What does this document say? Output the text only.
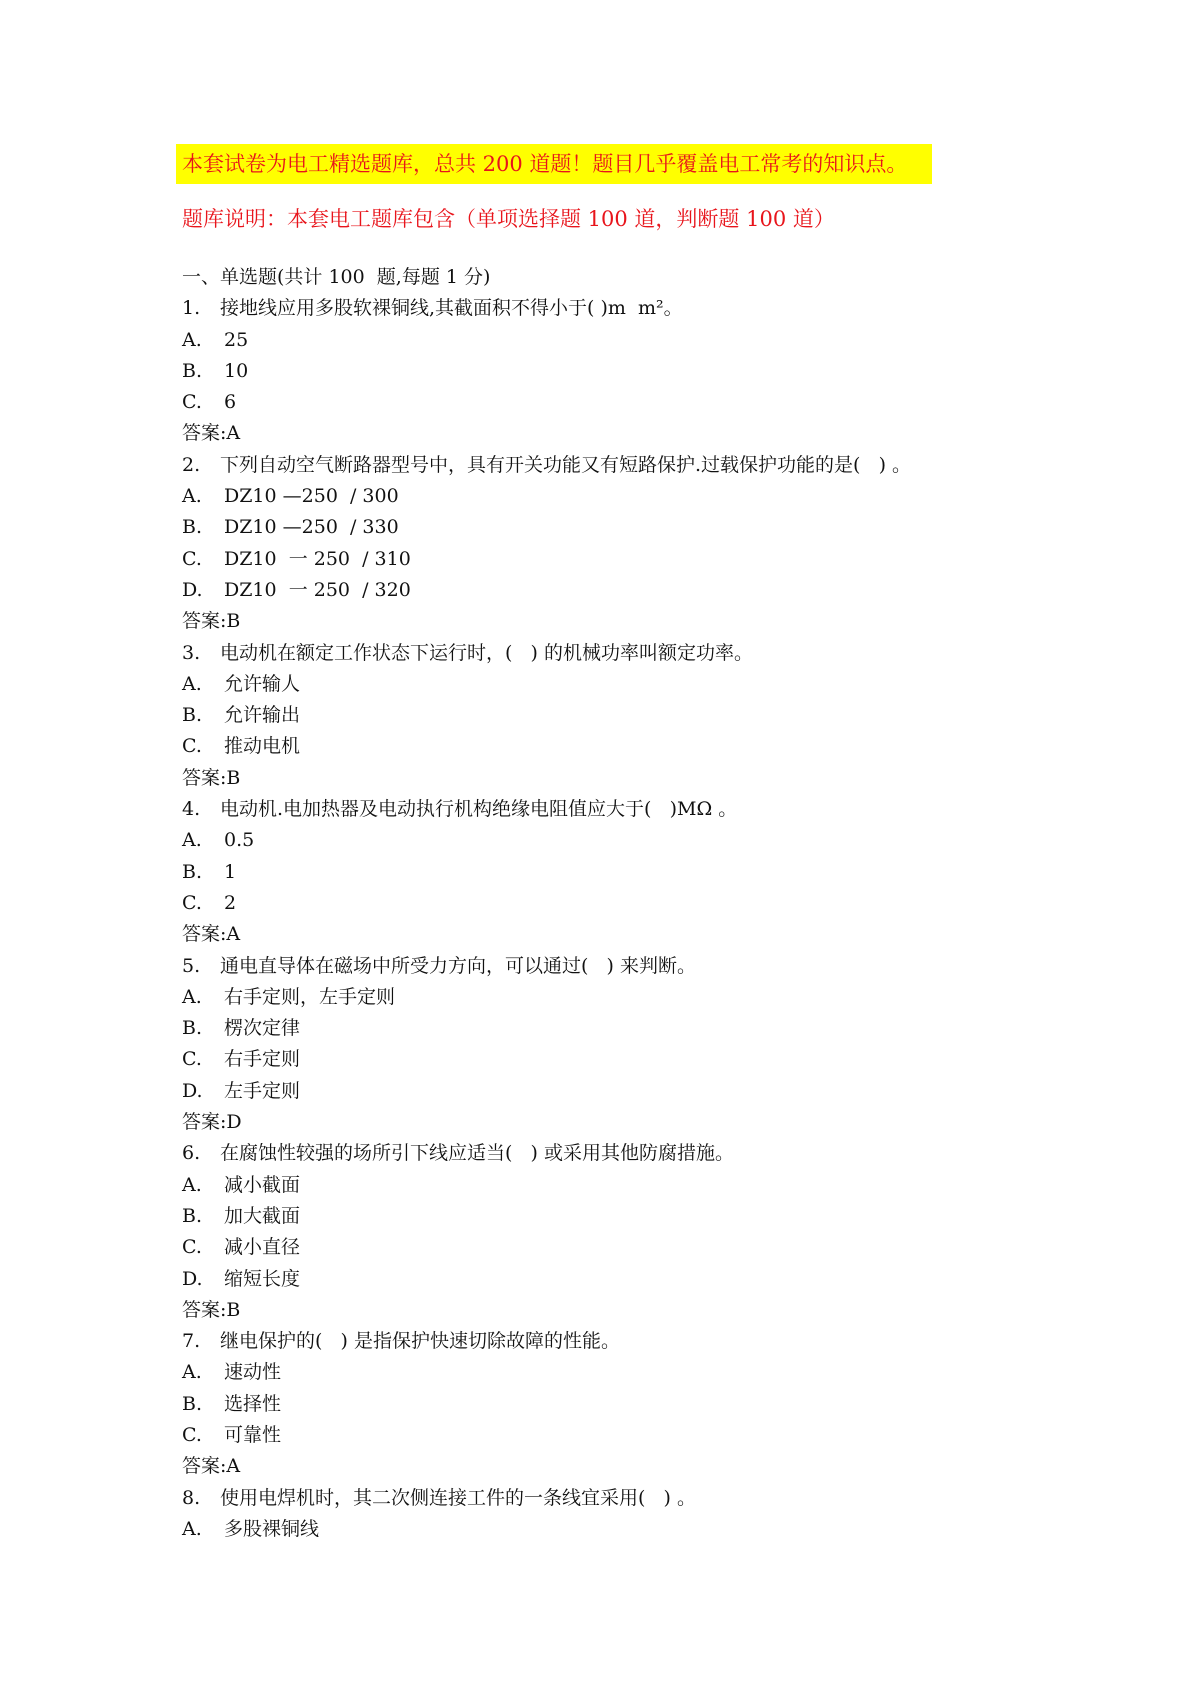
本套试卷为电工精选题库，总共 200 道题！题目几乎覆盖电工常考的知识点。
题库说明：本套电工题库包含（单项选择题 100 道，判断题 100 道）
一、单选题(共计 100  题,每题 1 分)
1. 接地线应用多股软裸铜线,其截面积不得小于( )m  m²。
A. 25
B. 10
C. 6
答案:A
2. 下列自动空气断路器型号中，具有开关功能又有短路保护.过载保护功能的是(   ) 。
A. DZ10 —250  / 300
B. DZ10 —250  / 330
C. DZ10  一 250  / 310
D. DZ10  一 250  / 320
答案:B
3. 电动机在额定工作状态下运行时，(   ) 的机械功率叫额定功率。
A. 允许输人
B. 允许输出
C. 推动电机
答案:B
4. 电动机.电加热器及电动执行机构绝缘电阻值应大于(   )MΩ 。
A. 0.5
B. 1
C. 2
答案:A
5. 通电直导体在磁场中所受力方向，可以通过(   ) 来判断。
A. 右手定则，左手定则
B. 楞次定律
C. 右手定则
D. 左手定则
答案:D
6. 在腐蚀性较强的场所引下线应适当(   ) 或采用其他防腐措施。
A. 减小截面
B. 加大截面
C. 减小直径
D. 缩短长度
答案:B
7. 继电保护的(   ) 是指保护快速切除故障的性能。
A. 速动性
B. 选择性
C. 可靠性
答案:A
8. 使用电焊机时，其二次侧连接工件的一条线宜采用(   ) 。
A. 多股裸铜线
